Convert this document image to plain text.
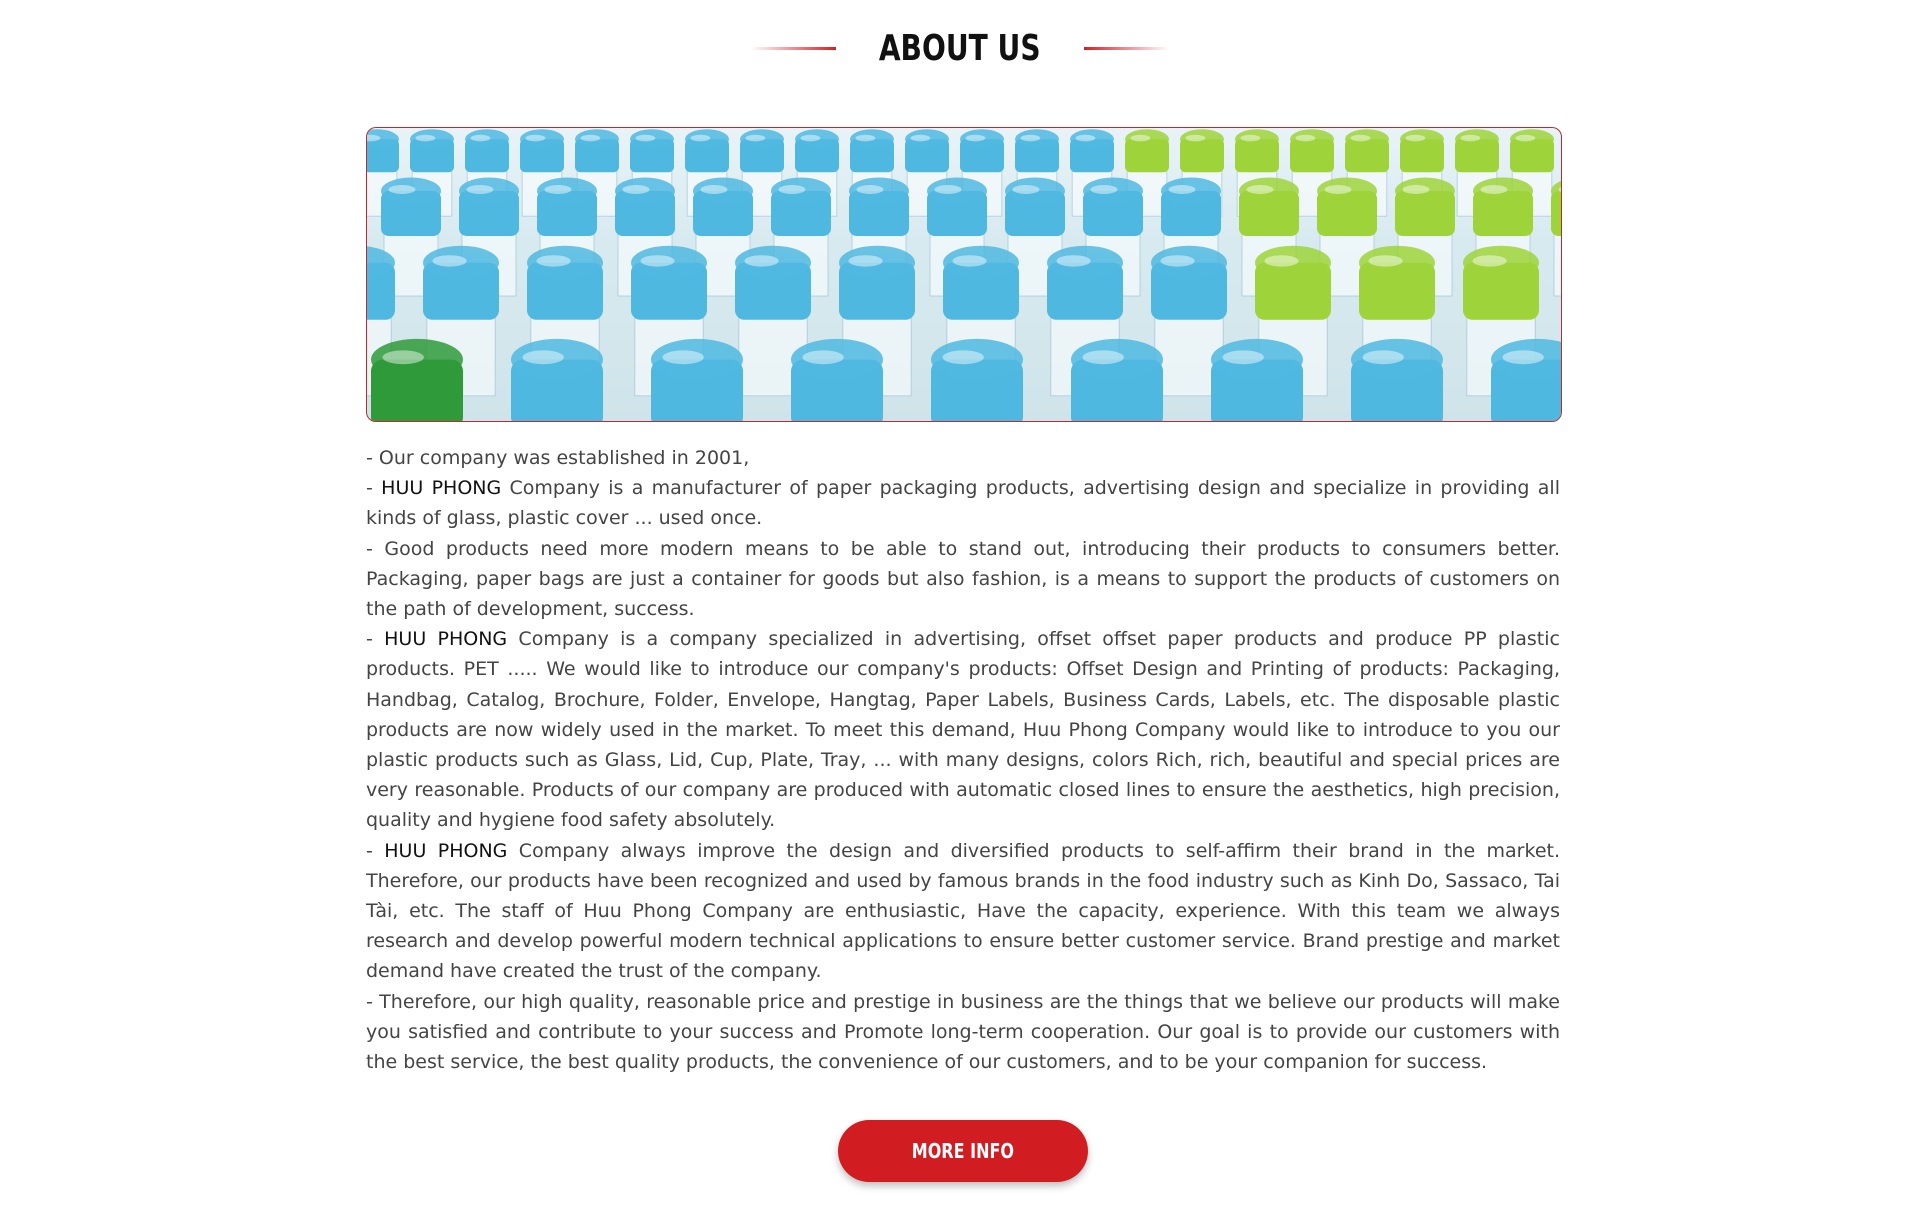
ABOUT US

- Our company was established in 2001,

- HUU PHONG Company is a manufacturer of paper packaging products, advertising design and specialize in providing all kinds of glass, plastic cover ... used once.

- Good products need more modern means to be able to stand out, introducing their products to consumers better. Packaging, paper bags are just a container for goods but also fashion, is a means to support the products of customers on the path of development, success.

- HUU PHONG Company is a company specialized in advertising, offset offset paper products and produce PP plastic products. PET ..... We would like to introduce our company's products: Offset Design and Printing of products: Packaging, Handbag, Catalog, Brochure, Folder, Envelope, Hangtag, Paper Labels, Business Cards, Labels, etc. The disposable plastic products are now widely used in the market. To meet this demand, Huu Phong Company would like to introduce to you our plastic products such as Glass, Lid, Cup, Plate, Tray, ... with many designs, colors Rich, rich, beautiful and special prices are very reasonable. Products of our company are produced with automatic closed lines to ensure the aesthetics, high precision, quality and hygiene food safety absolutely.

- HUU PHONG Company always improve the design and diversified products to self-affirm their brand in the market. Therefore, our products have been recognized and used by famous brands in the food industry such as Kinh Do, Sassaco, Tai Tài, etc. The staff of Huu Phong Company are enthusiastic, Have the capacity, experience. With this team we always research and develop powerful modern technical applications to ensure better customer service. Brand prestige and market demand have created the trust of the company.

- Therefore, our high quality, reasonable price and prestige in business are the things that we believe our products will make you satisfied and contribute to your success and Promote long-term cooperation. Our goal is to provide our customers with the best service, the best quality products, the convenience of our customers, and to be your companion for success.

MORE INFO
